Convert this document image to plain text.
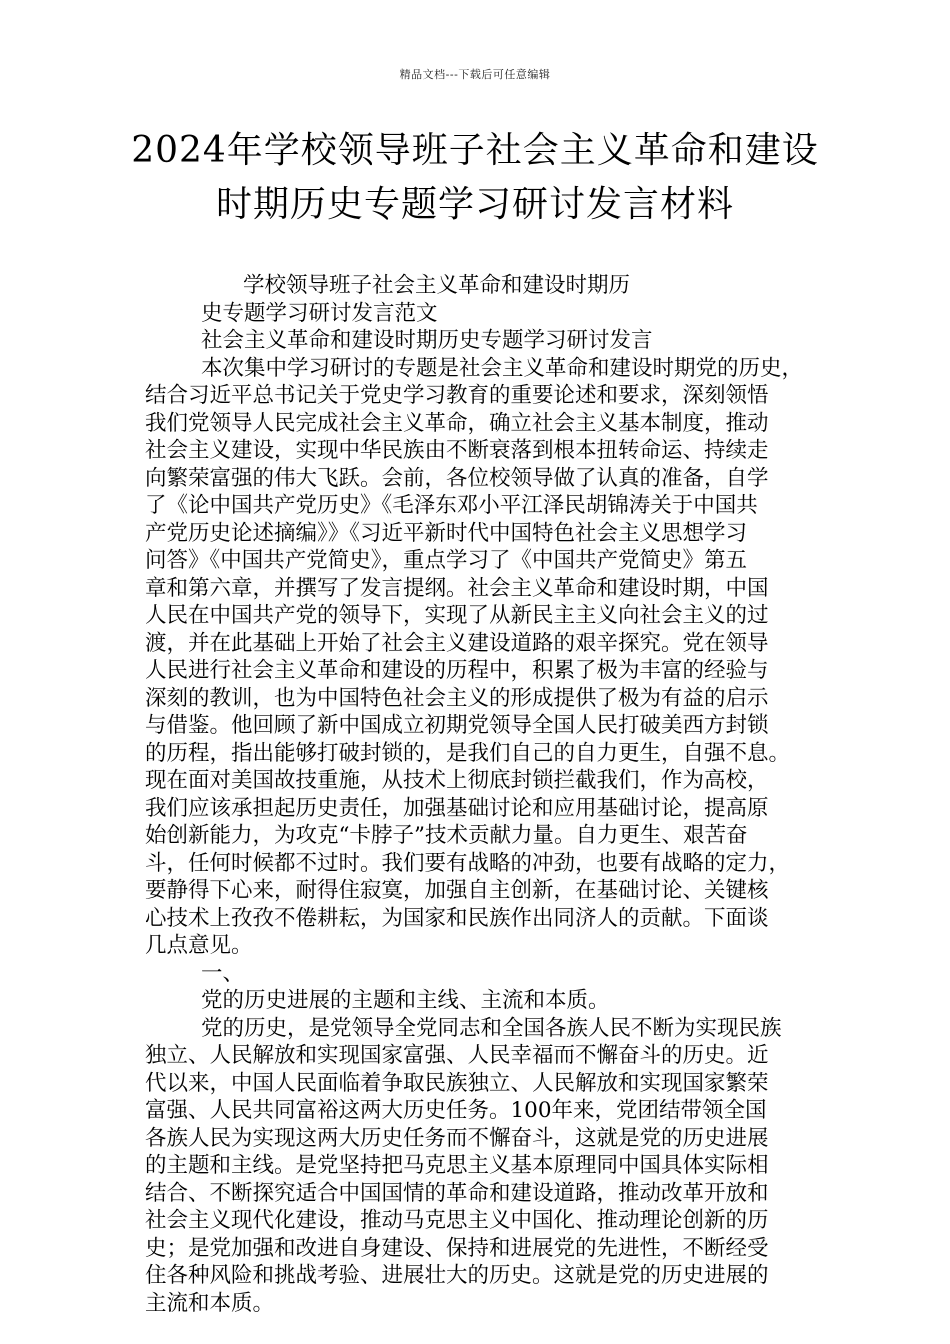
精品文档---下载后可任意编辑
2024年学校领导班子社会主义革命和建设
时期历史专题学习研讨发言材料
学校领导班子社会主义革命和建设时期历
史专题学习研讨发言范文
社会主义革命和建设时期历史专题学习研讨发言
本次集中学习研讨的专题是社会主义革命和建设时期党的历史，
结合习近平总书记关于党史学习教育的重要论述和要求，深刻领悟
我们党领导人民完成社会主义革命，确立社会主义基本制度，推动
社会主义建设，实现中华民族由不断衰落到根本扭转命运、持续走
向繁荣富强的伟大飞跃。会前，各位校领导做了认真的准备，自学
了《论中国共产党历史》《毛泽东邓小平江泽民胡锦涛关于中国共
产党历史论述摘编》》《习近平新时代中国特色社会主义思想学习
问答》《中国共产党简史》，重点学习了《中国共产党简史》第五
章和第六章，并撰写了发言提纲。社会主义革命和建设时期，中国
人民在中国共产党的领导下，实现了从新民主主义向社会主义的过
渡，并在此基础上开始了社会主义建设道路的艰辛探究。党在领导
人民进行社会主义革命和建设的历程中，积累了极为丰富的经验与
深刻的教训，也为中国特色社会主义的形成提供了极为有益的启示
与借鉴。他回顾了新中国成立初期党领导全国人民打破美西方封锁
的历程，指出能够打破封锁的，是我们自己的自力更生，自强不息。
现在面对美国故技重施，从技术上彻底封锁拦截我们，作为高校，
我们应该承担起历史责任，加强基础讨论和应用基础讨论，提高原
始创新能力，为攻克“卡脖子”技术贡献力量。自力更生、艰苦奋
斗，任何时候都不过时。我们要有战略的冲劲，也要有战略的定力，
要静得下心来，耐得住寂寞，加强自主创新，在基础讨论、关键核
心技术上孜孜不倦耕耘，为国家和民族作出同济人的贡献。下面谈
几点意见。
一、
党的历史进展的主题和主线、主流和本质。
党的历史，是党领导全党同志和全国各族人民不断为实现民族
独立、人民解放和实现国家富强、人民幸福而不懈奋斗的历史。近
代以来，中国人民面临着争取民族独立、人民解放和实现国家繁荣
富强、人民共同富裕这两大历史任务。100年来，党团结带领全国
各族人民为实现这两大历史任务而不懈奋斗，这就是党的历史进展
的主题和主线。是党坚持把马克思主义基本原理同中国具体实际相
结合、不断探究适合中国国情的革命和建设道路，推动改革开放和
社会主义现代化建设，推动马克思主义中国化、推动理论创新的历
史；是党加强和改进自身建设、保持和进展党的先进性，不断经受
住各种风险和挑战考验、进展壮大的历史。这就是党的历史进展的
主流和本质。
